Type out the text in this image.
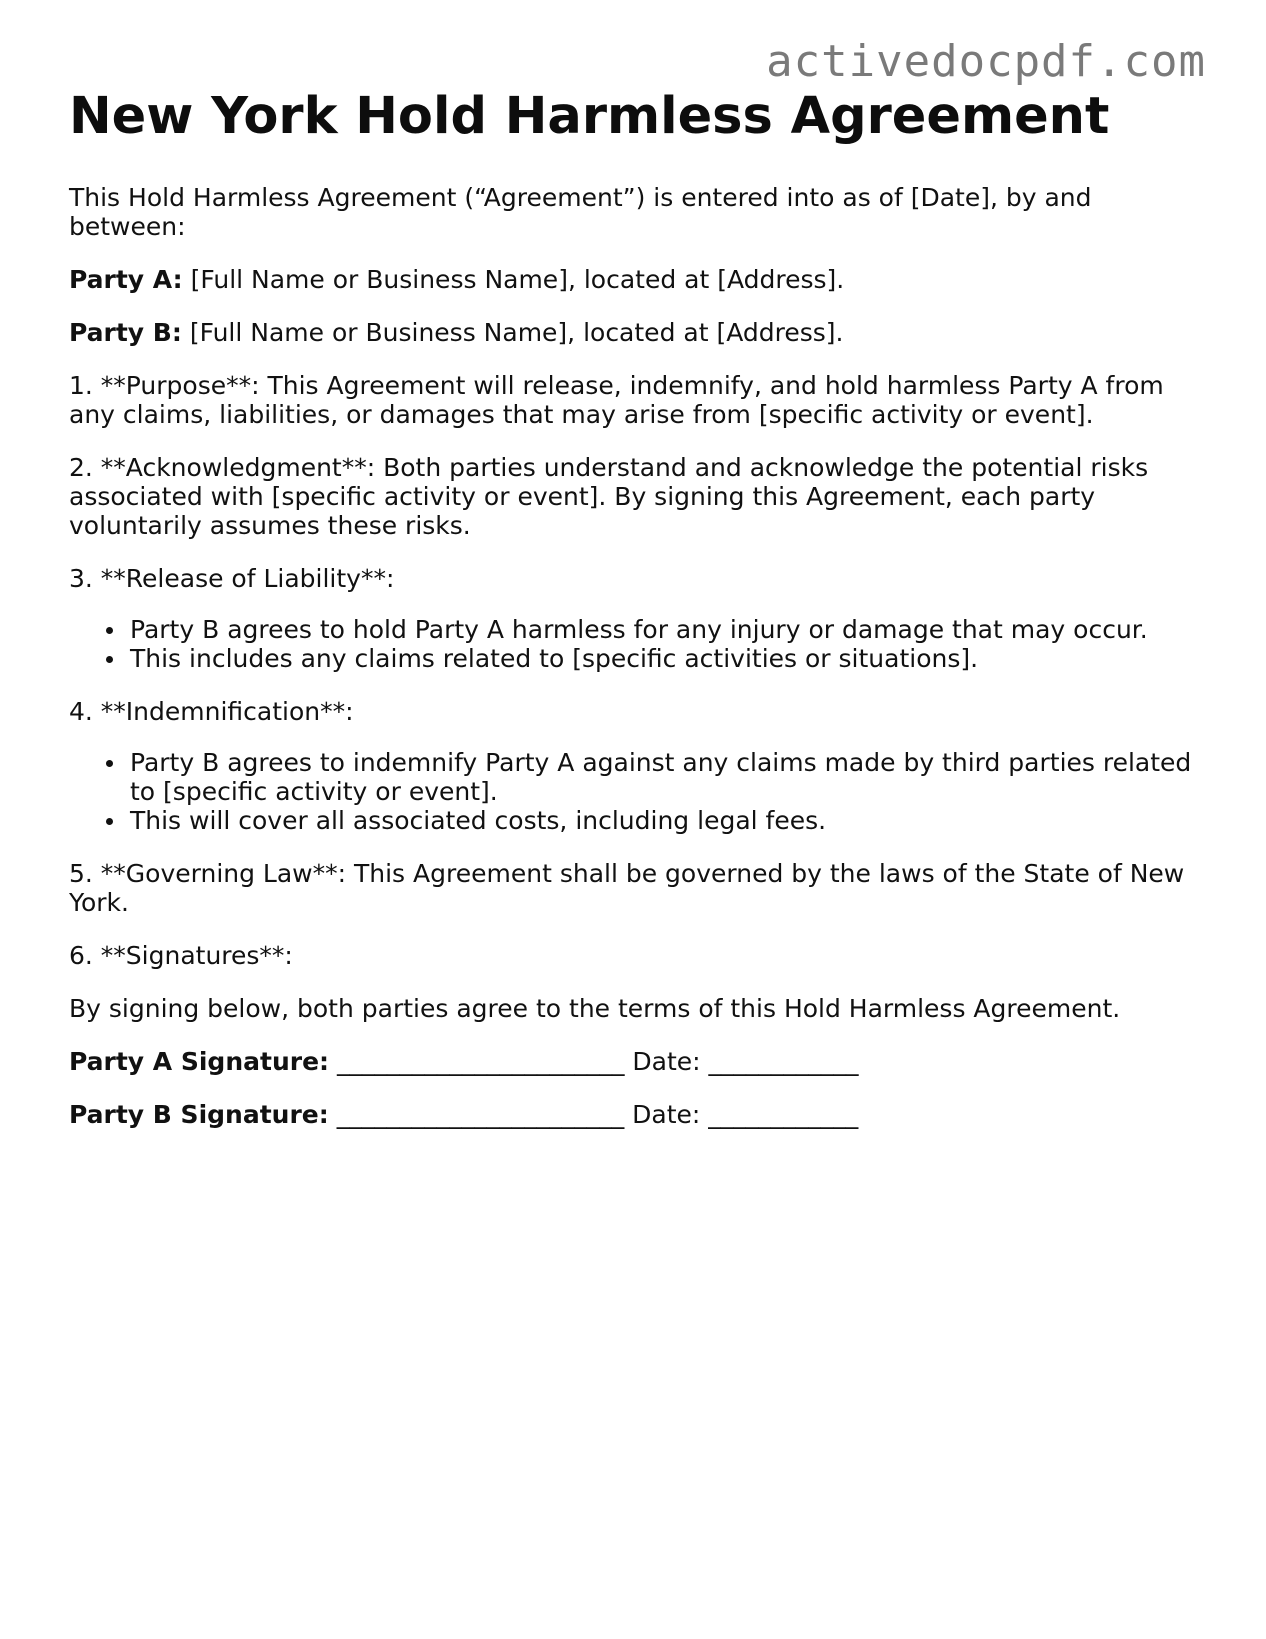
activedocpdf.com
New York Hold Harmless Agreement

This Hold Harmless Agreement (“Agreement”) is entered into as of [Date], by and between:

Party A: [Full Name or Business Name], located at [Address].

Party B: [Full Name or Business Name], located at [Address].

1. **Purpose**: This Agreement will release, indemnify, and hold harmless Party A from any claims, liabilities, or damages that may arise from [specific activity or event].

2. **Acknowledgment**: Both parties understand and acknowledge the potential risks associated with [specific activity or event]. By signing this Agreement, each party voluntarily assumes these risks.

3. **Release of Liability**:

Party B agrees to hold Party A harmless for any injury or damage that may occur.
This includes any claims related to [specific activities or situations].

4. **Indemnification**:

Party B agrees to indemnify Party A against any claims made by third parties related to [specific activity or event].
This will cover all associated costs, including legal fees.

5. **Governing Law**: This Agreement shall be governed by the laws of the State of New York.

6. **Signatures**:

By signing below, both parties agree to the terms of this Hold Harmless Agreement.

Party A Signature: _______________________ Date: ____________

Party B Signature: _______________________ Date: ____________
